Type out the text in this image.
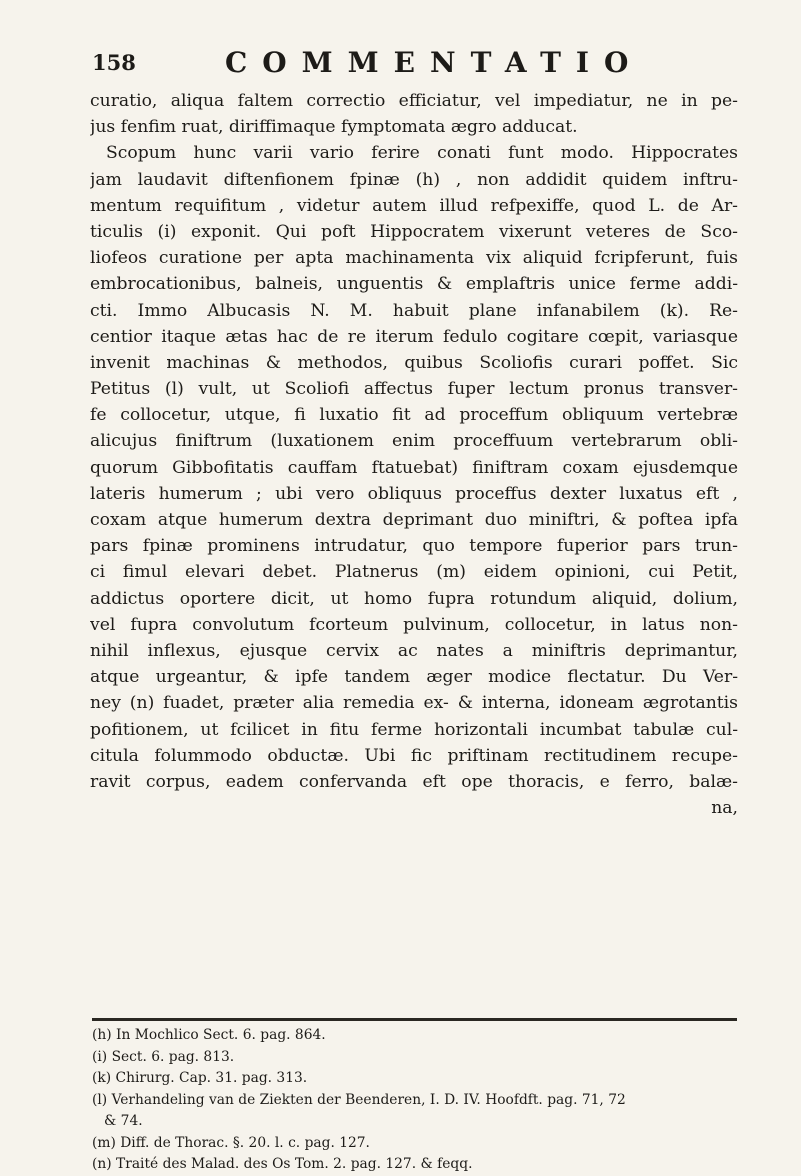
158	COMMENTATIO
curatio, aliqua faltem correctio efficiatur, vel impediatur, ne in pe-
jus fenfim ruat, diriffimaque fymptomata ægro adducat.
Scopum hunc varii vario ferire conati funt modo. Hippocrates
jam laudavit diftenfionem fpinæ (h) , non addidit quidem inftru-
mentum requifitum , videtur autem illud refpexiffe, quod L. de Ar-
ticulis (i) exponit. Qui poft Hippocratem vixerunt veteres de Sco-
liofeos curatione per apta machinamenta vix aliquid fcripferunt, fuis
embrocationibus, balneis, unguentis & emplaftris unice ferme addi-
cti. Immo Albucasis N. M. habuit plane infanabilem (k). Re-
centior itaque ætas hac de re iterum fedulo cogitare cœpit, variasque
invenit machinas & methodos, quibus Scoliofis curari poffet. Sic
Petitus (l) vult, ut Scoliofi affectus fuper lectum pronus transver-
fe collocetur, utque, fi luxatio fit ad proceffum obliquum vertebræ
alicujus finiftrum (luxationem enim proceffuum vertebrarum obli-
quorum Gibbofitatis cauffam ftatuebat) finiftram coxam ejusdemque
lateris humerum ; ubi vero obliquus proceffus dexter luxatus eft ,
coxam atque humerum dextra deprimant duo miniftri, & poftea ipfa
pars fpinæ prominens intrudatur, quo tempore fuperior pars trun-
ci fimul elevari debet. Platnerus (m) eidem opinioni, cui Petit,
addictus oportere dicit, ut homo fupra rotundum aliquid, dolium,
vel fupra convolutum fcorteum pulvinum, collocetur, in latus non-
nihil inflexus, ejusque cervix ac nates a miniftris deprimantur,
atque urgeantur, & ipfe tandem æger modice flectatur. Du Ver-
ney (n) fuadet, præter alia remedia ex- & interna, idoneam ægrotantis
pofitionem, ut fcilicet in fitu ferme horizontali incumbat tabulæ cul-
citula folummodo obductæ. Ubi fic priftinam rectitudinem recupe-
ravit corpus, eadem confervanda eft ope thoracis, e ferro, balæ-
na,
(h) In Mochlico Sect. 6. pag. 864.
(i) Sect. 6. pag. 813.
(k) Chirurg. Cap. 31. pag. 313.
(l) Verhandeling van de Ziekten der Beenderen, I. D. IV. Hoofdft. pag. 71, 72
& 74.
(m) Diff. de Thorac. §. 20. l. c. pag. 127.
(n) Traité des Malad. des Os Tom. 2. pag. 127. & feqq.
